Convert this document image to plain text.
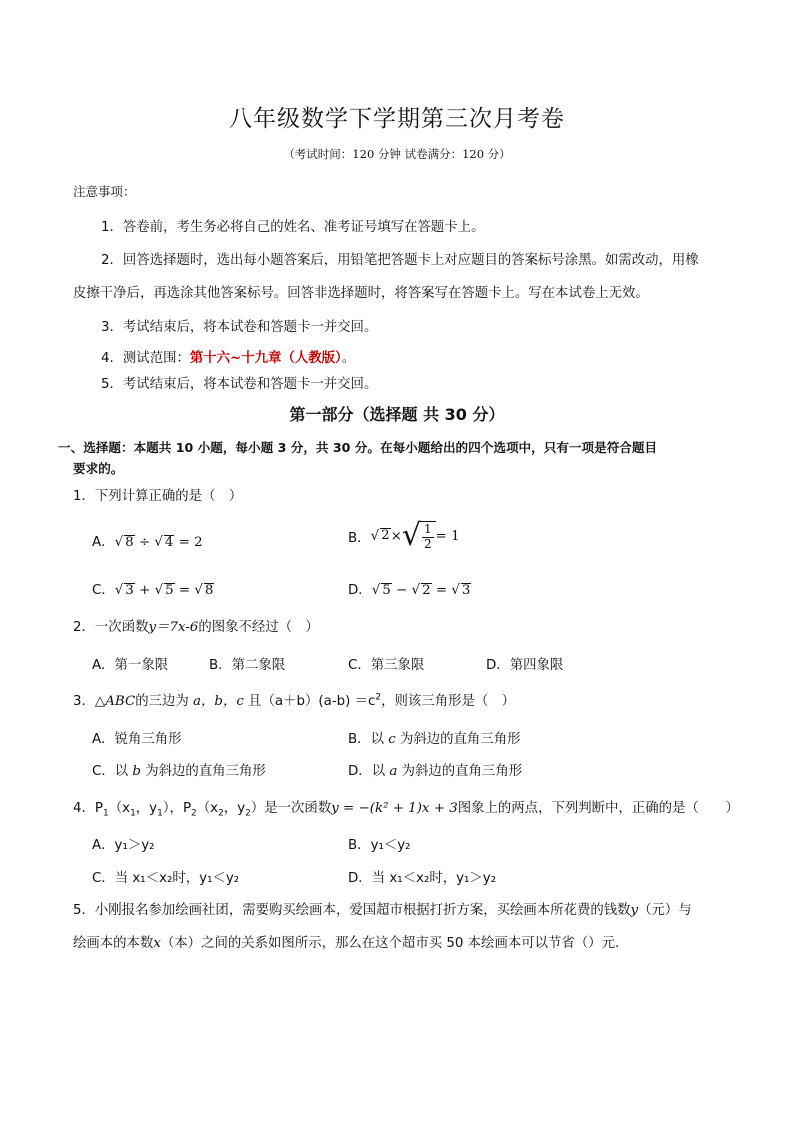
八年级数学下学期第三次月考卷
（考试时间：120 分钟 试卷满分：120 分）
注意事项：
1．答卷前，考生务必将自己的姓名、准考证号填写在答题卡上。
2．回答选择题时，选出每小题答案后，用铅笔把答题卡上对应题目的答案标号涂黑。如需改动，用橡
皮擦干净后，再选涂其他答案标号。回答非选择题时，将答案写在答题卡上。写在本试卷上无效。
3．考试结束后，将本试卷和答题卡一并交回。
4．测试范围：第十六~十九章（人教版）。
5．考试结束后，将本试卷和答题卡一并交回。
第一部分（选择题 共 30 分）
一、选择题：本题共 10 小题，每小题 3 分，共 30 分。在每小题给出的四个选项中，只有一项是符合题目
要求的。
1．下列计算正确的是（　）
A．√ 8 ÷ √ 4 = 2	B． √ 2 × √ $\frac{1}{2} = 1$
C．√ 3 + √ 5 = √ 8	D．√ 5 − √ 2 = √ 3
2．一次函数y＝7x-6的图象不经过（　）
A．第一象限	B．第二象限	C．第三象限	D．第四象限
3．△ABC的三边为 a，b，c 且$(a+b)(a-b) =c^2$，则该三角形是（　）
A．锐角三角形	B．以 c 为斜边的直角三角形
C．以 b 为斜边的直角三角形	D．以 a 为斜边的直角三角形
4．$P_1(x_1$，$y_1$），$P_2(x_2$，$y_2$）是一次函数y = −(k² + 1)x + 3图象上的两点，下列判断中，正确的是（　　）
A．y₁＞y₂	B．y₁＜y₂
C．当 x₁＜x₂时，y₁＜y₂	D．当 x₁＜x₂时，y₁＞y₂
5．小刚报名参加绘画社团，需要购买绘画本，爱国超市根据打折方案，买绘画本所花费的钱数y（元）与
绘画本的本数x（本）之间的关系如图所示，那么在这个超市买 50 本绘画本可以节省（）元.
